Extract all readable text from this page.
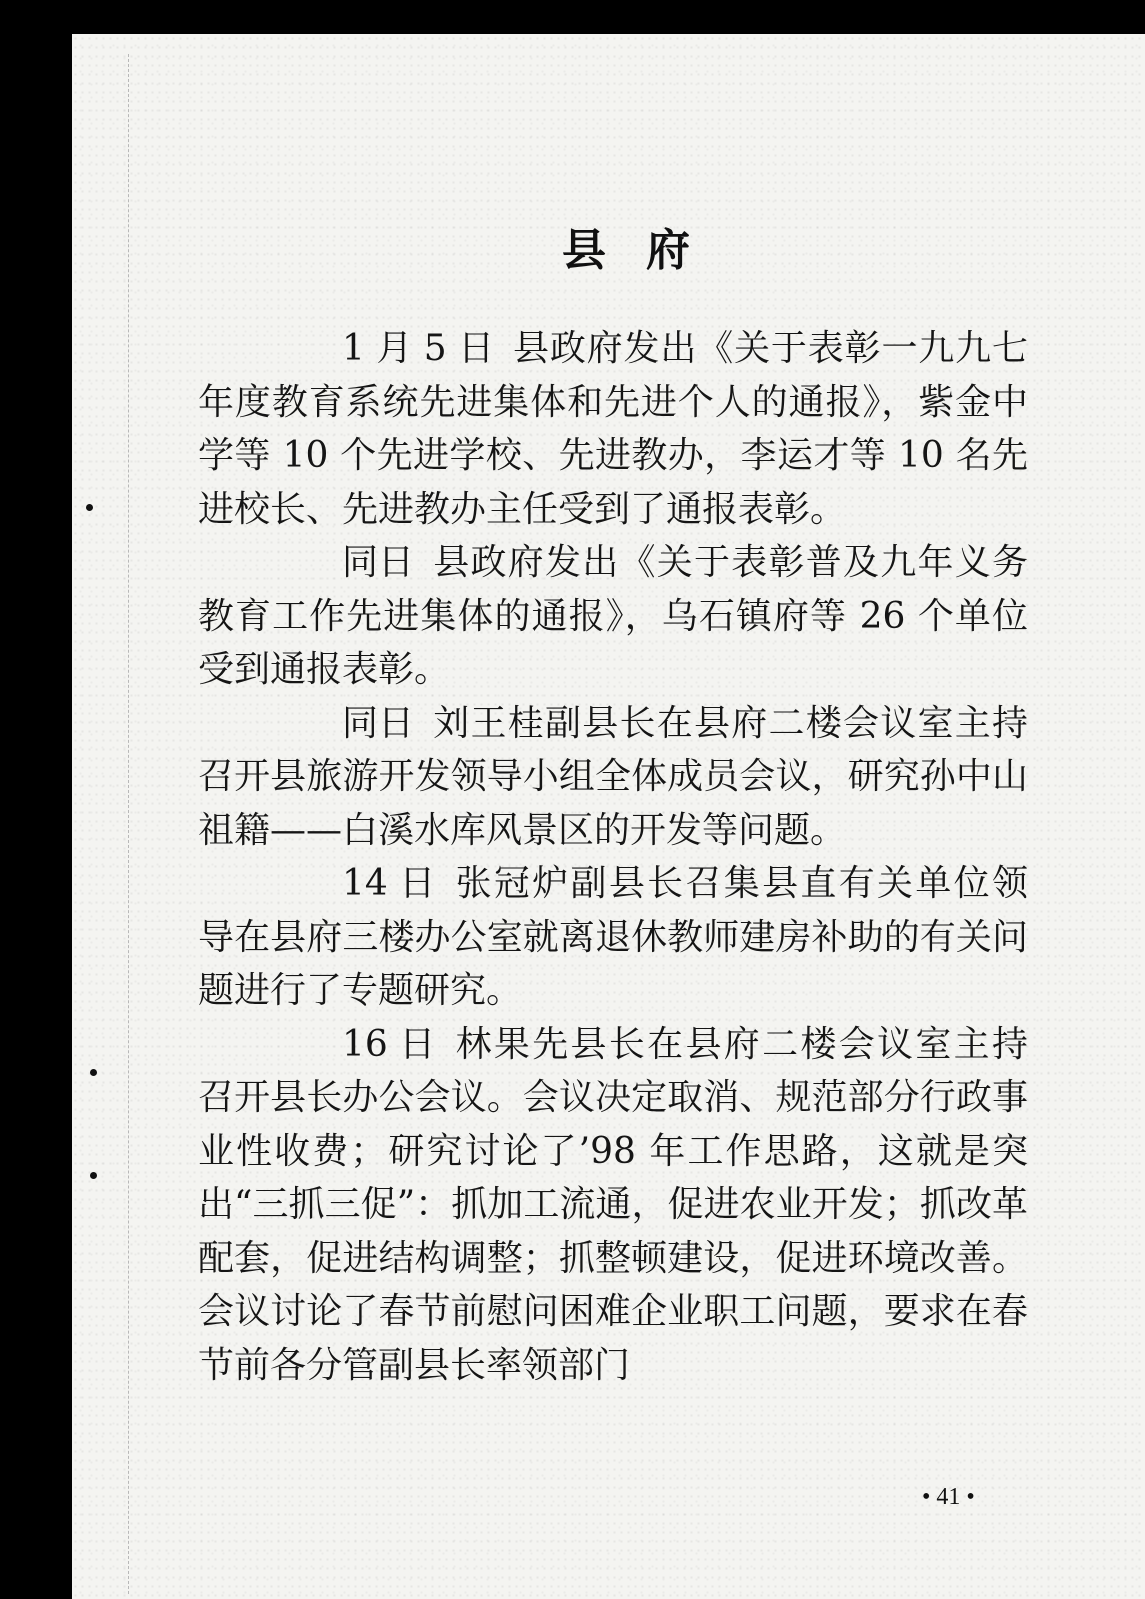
县府

1 月 5 日 县政府发出《关于表彰一九九七年度教育系统先进集体和先进个人的通报》，紫金中学等 10 个先进学校、先进教办，李运才等 10 名先进校长、先进教办主任受到了通报表彰。

同日 县政府发出《关于表彰普及九年义务教育工作先进集体的通报》，乌石镇府等 26 个单位受到通报表彰。

同日 刘王桂副县长在县府二楼会议室主持召开县旅游开发领导小组全体成员会议，研究孙中山祖籍——白溪水库风景区的开发等问题。

14 日 张冠炉副县长召集县直有关单位领导在县府三楼办公室就离退休教师建房补助的有关问题进行了专题研究。

16 日 林果先县长在县府二楼会议室主持召开县长办公会议。会议决定取消、规范部分行政事业性收费；研究讨论了’98 年工作思路，这就是突出“三抓三促”：抓加工流通，促进农业开发；抓改革配套，促进结构调整；抓整顿建设，促进环境改善。会议讨论了春节前慰问困难企业职工问题，要求在春节前各分管副县长率领部门

• 41 •
